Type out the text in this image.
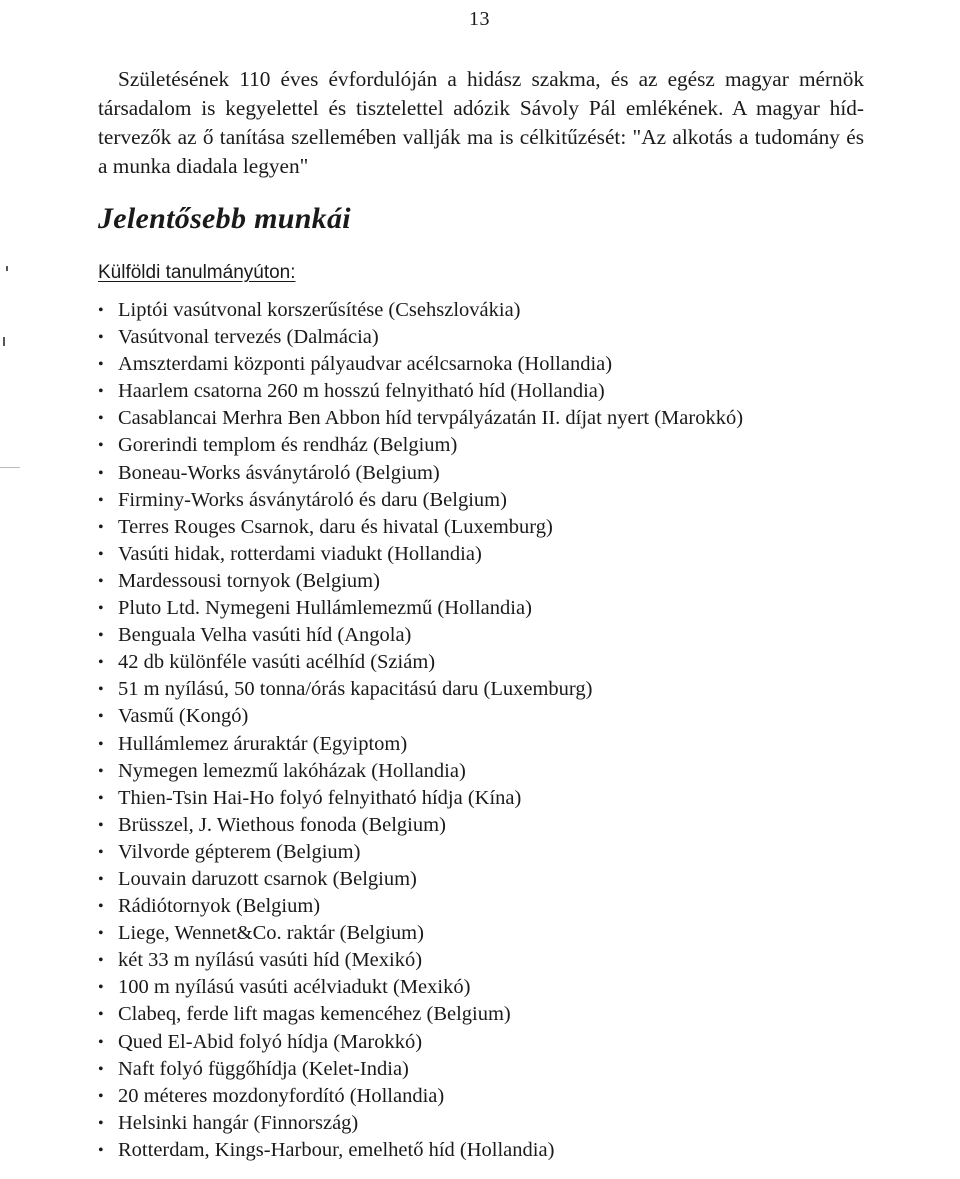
13

Születésének 110 éves évfordulóján a hidász szakma, és az egész magyar mérnök társadalom is kegyelettel és tisztelettel adózik Sávoly Pál emlékének. A magyar hídtervezők az ő tanítása szellemében vallják ma is célkitűzését: "Az alkotás a tudomány és a munka diadala legyen"

Jelentősebb munkái
Külföldi tanulmányúton:
• Liptói vasútvonal korszerűsítése (Csehszlovákia)
• Vasútvonal tervezés (Dalmácia)
• Amszterdami központi pályaudvar acélcsarnoka (Hollandia)
• Haarlem csatorna 260 m hosszú felnyitható híd (Hollandia)
• Casablancai Merhra Ben Abbon híd tervpályázatán II. díjat nyert (Marokkó)
• Gorerindi templom és rendház (Belgium)
• Boneau-Works ásványtároló (Belgium)
• Firminy-Works ásványtároló és daru (Belgium)
• Terres Rouges Csarnok, daru és hivatal (Luxemburg)
• Vasúti hidak, rotterdami viadukt (Hollandia)
• Mardessousi tornyok (Belgium)
• Pluto Ltd. Nymegeni Hullámlemezmű (Hollandia)
• Benguala Velha vasúti híd (Angola)
• 42 db különféle vasúti acélhíd (Sziám)
• 51 m nyílású, 50 tonna/órás kapacitású daru (Luxemburg)
• Vasmű (Kongó)
• Hullámlemez áruraktár (Egyiptom)
• Nymegen lemezmű lakóházak (Hollandia)
• Thien-Tsin Hai-Ho folyó felnyitható hídja (Kína)
• Brüsszel, J. Wiethous fonoda (Belgium)
• Vilvorde gépterem (Belgium)
• Louvain daruzott csarnok (Belgium)
• Rádiótornyok (Belgium)
• Liege, Wennet&Co. raktár (Belgium)
• két 33 m nyílású vasúti híd (Mexikó)
• 100 m nyílású vasúti acélviadukt (Mexikó)
• Clabeq, ferde lift magas kemencéhez (Belgium)
• Qued El-Abid folyó hídja (Marokkó)
• Naft folyó függőhídja (Kelet-India)
• 20 méteres mozdonyfordító (Hollandia)
• Helsinki hangár (Finnország)
• Rotterdam, Kings-Harbour, emelhető híd (Hollandia)
